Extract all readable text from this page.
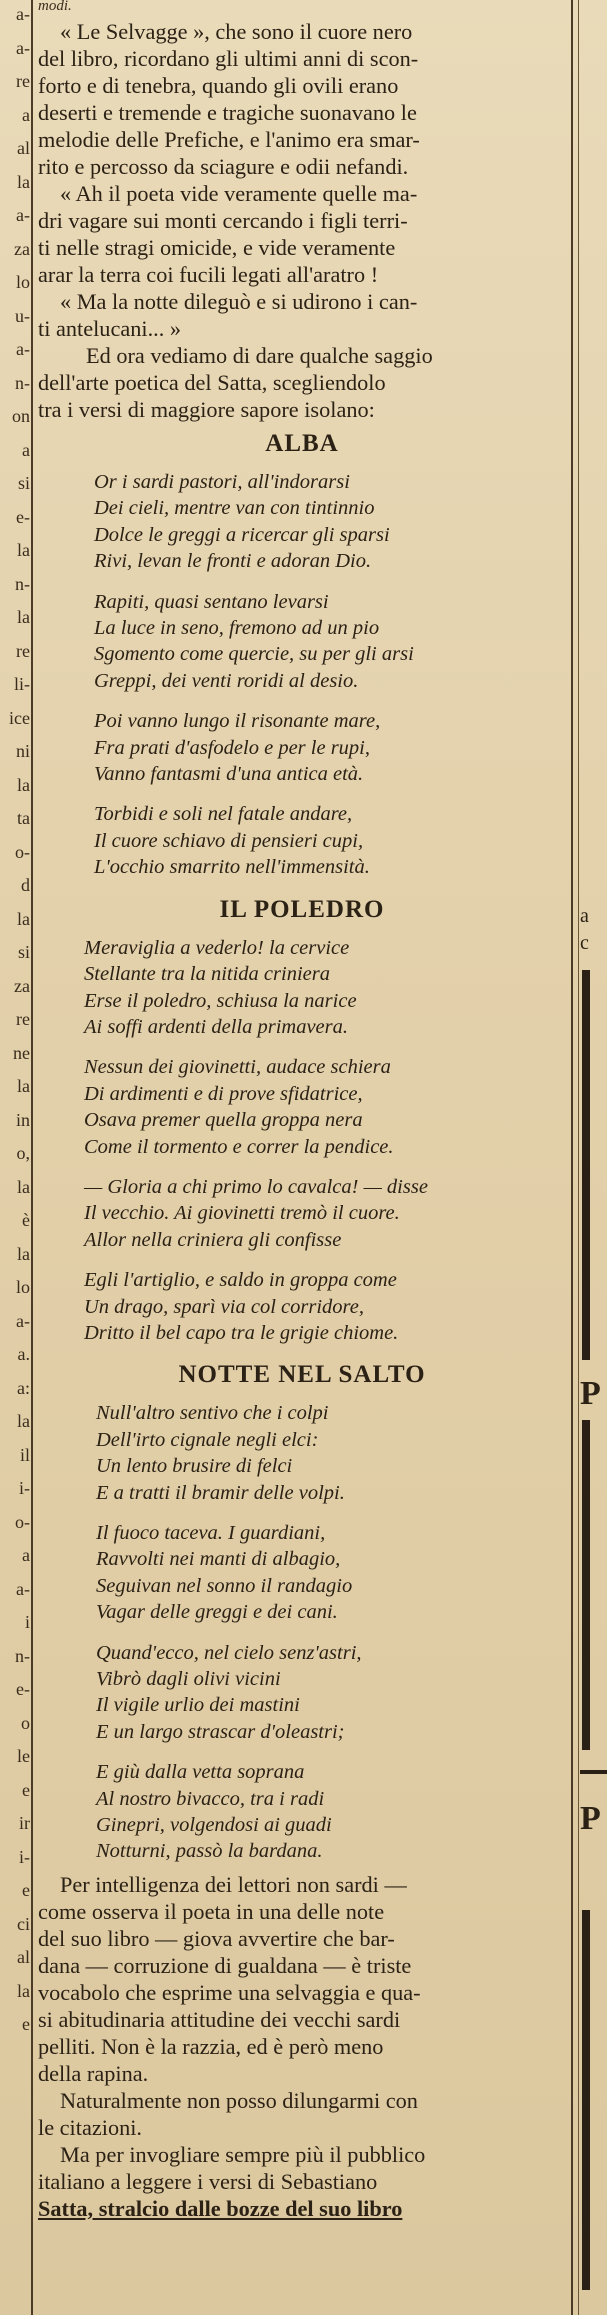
a-
a-
re
a
al
la
a-
za
lo
u-
a-
n-
on
a
si
e-
la
n-
la
re
li-
ice
ni
la
ta
o-
d
la
si
za
re
ne
la
in
o,
la
è
la
lo
a-
a.
a:
la
il
i-
o-
a
a-
i
n-
e-
o
le
e
ir
i-
e
ci
al
la
e
a
c
P
P
modi.
« Le Selvagge », che sono il cuore nero
del libro, ricordano gli ultimi anni di scon-
forto e di tenebra, quando gli ovili erano
deserti e tremende e tragiche suonavano le
melodie delle Prefiche, e l'animo era smar-
rito e percosso da sciagure e odii nefandi.
« Ah il poeta vide veramente quelle ma-
dri vagare sui monti cercando i figli terri-
ti nelle stragi omicide, e vide veramente
arar la terra coi fucili legati all'aratro !
« Ma la notte dileguò e si udirono i can-
ti antelucani... »
Ed ora vediamo di dare qualche saggio
dell'arte poetica del Satta, scegliendolo
tra i versi di maggiore sapore isolano:
ALBA
Or i sardi pastori, all'indorarsi
Dei cieli, mentre van con tintinnio
Dolce le greggi a ricercar gli sparsi
Rivi, levan le fronti e adoran Dio.
Rapiti, quasi sentano levarsi
La luce in seno, fremono ad un pio
Sgomento come quercie, su per gli arsi
Greppi, dei venti roridi al desio.
Poi vanno lungo il risonante mare,
Fra prati d'asfodelo e per le rupi,
Vanno fantasmi d'una antica età.
Torbidi e soli nel fatale andare,
Il cuore schiavo di pensieri cupi,
L'occhio smarrito nell'immensità.
IL POLEDRO
Meraviglia a vederlo! la cervice
Stellante tra la nitida criniera
Erse il poledro, schiusa la narice
Ai soffi ardenti della primavera.
Nessun dei giovinetti, audace schiera
Di ardimenti e di prove sfidatrice,
Osava premer quella groppa nera
Come il tormento e correr la pendice.
— Gloria a chi primo lo cavalca! — disse
Il vecchio. Ai giovinetti tremò il cuore.
Allor nella criniera gli confisse
Egli l'artiglio, e saldo in groppa come
Un drago, sparì via col corridore,
Dritto il bel capo tra le grigie chiome.
NOTTE NEL SALTO
Null'altro sentivo che i colpi
Dell'irto cignale negli elci:
Un lento brusire di felci
E a tratti il bramir delle volpi.
Il fuoco taceva. I guardiani,
Ravvolti nei manti di albagio,
Seguivan nel sonno il randagio
Vagar delle greggi e dei cani.
Quand'ecco, nel cielo senz'astri,
Vibrò dagli olivi vicini
Il vigile urlio dei mastini
E un largo strascar d'oleastri;
E giù dalla vetta soprana
Al nostro bivacco, tra i radi
Ginepri, volgendosi ai guadi
Notturni, passò la bardana.
Per intelligenza dei lettori non sardi —
come osserva il poeta in una delle note
del suo libro — giova avvertire che bar-
dana — corruzione di gualdana — è triste
vocabolo che esprime una selvaggia e qua-
si abitudinaria attitudine dei vecchi sardi
pelliti. Non è la razzia, ed è però meno
della rapina.
Naturalmente non posso dilungarmi con
le citazioni.
Ma per invogliare sempre più il pubblico
italiano a leggere i versi di Sebastiano
Satta, stralcio dalle bozze del suo libro
